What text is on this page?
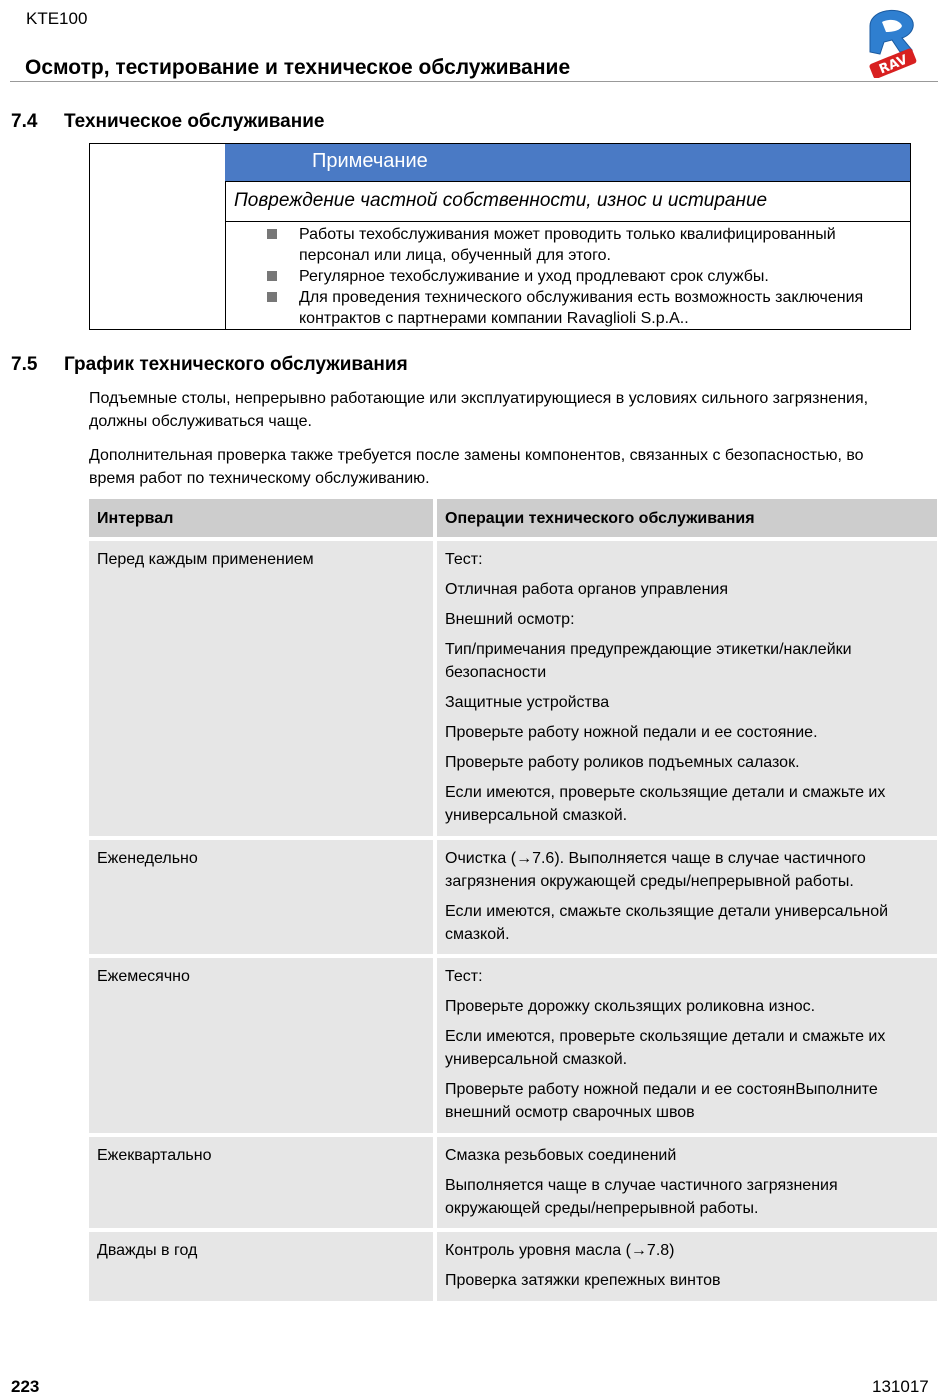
KTE100
Осмотр, тестирование и техническое обслуживание	RAV
7.4 Техническое обслуживание
Примечание
Повреждение частной собственности, износ и истирание
Работы техобслуживания может проводить только квалифицированный персонал или лица, обученный для этого.
Регулярное техобслуживание и уход продлевают срок службы.
Для проведения технического обслуживания есть возможность заключения контрактов с партнерами компании Ravaglioli S.p.A..
7.5 График технического обслуживания
Подъемные столы, непрерывно работающие или эксплуатирующиеся в условиях сильного загрязнения, должны обслуживаться чаще.
Дополнительная проверка также требуется после замены компонентов, связанных с безопасностью, во время работ по техническому обслуживанию.
Интервал	Операции технического обслуживания
Перед каждым применением	Тест:

Отличная работа органов управления

Внешний осмотр:

Тип/примечания предупреждающие этикетки/наклейки безопасности

Защитные устройства

Проверьте работу ножной педали и ее состояние.

Проверьте работу роликов подъемных салазок.

Если имеются, проверьте скользящие детали и смажьте их универсальной смазкой.

Еженедельно	Очистка (→7.6). Выполняется чаще в случае частичного загрязнения окружающей среды/непрерывной работы.

Если имеются, смажьте скользящие детали универсальной смазкой.

Ежемесячно	Тест:

Проверьте дорожку скользящих роликовна износ.

Если имеются, проверьте скользящие детали и смажьте их универсальной смазкой.

Проверьте работу ножной педали и ее состоянВыполните внешний осмотр сварочных швов

Ежеквартально	Смазка резьбовых соединений

Выполняется чаще в случае частичного загрязнения окружающей среды/непрерывной работы.

Дважды в год	Контроль уровня масла (→7.8)

Проверка затяжки крепежных винтов

223	131017
